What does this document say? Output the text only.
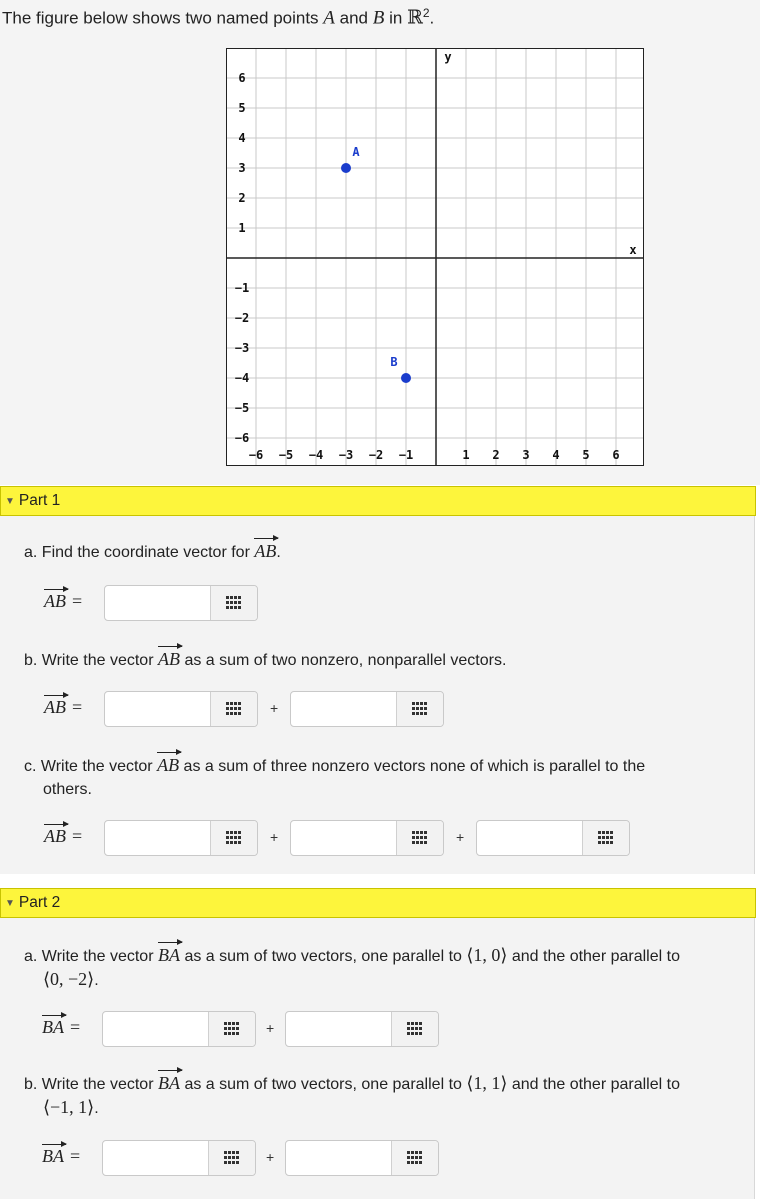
The figure below shows two named points A and B in ℝ$^2$.
−6 −5 −4 −3 −2 −1	1 2 3 4 5 6
6
5
4
3
2
1
−1
−2
−3
−4
−5
−6
y
x
A
B
▼ Part 1
a. Find the coordinate vector for AB.
AB =
b. Write the vector AB as a sum of two nonzero, nonparallel vectors.
AB =	+
c. Write the vector AB as a sum of three nonzero vectors none of which is parallel to the
others.
AB =	+	+
▼ Part 2
a. Write the vector BA as a sum of two vectors, one parallel to ⟨1, 0⟩ and the other parallel to
⟨0, −2⟩.
BA =	+
b. Write the vector BA as a sum of two vectors, one parallel to ⟨1, 1⟩ and the other parallel to
⟨−1, 1⟩.
BA =	+
